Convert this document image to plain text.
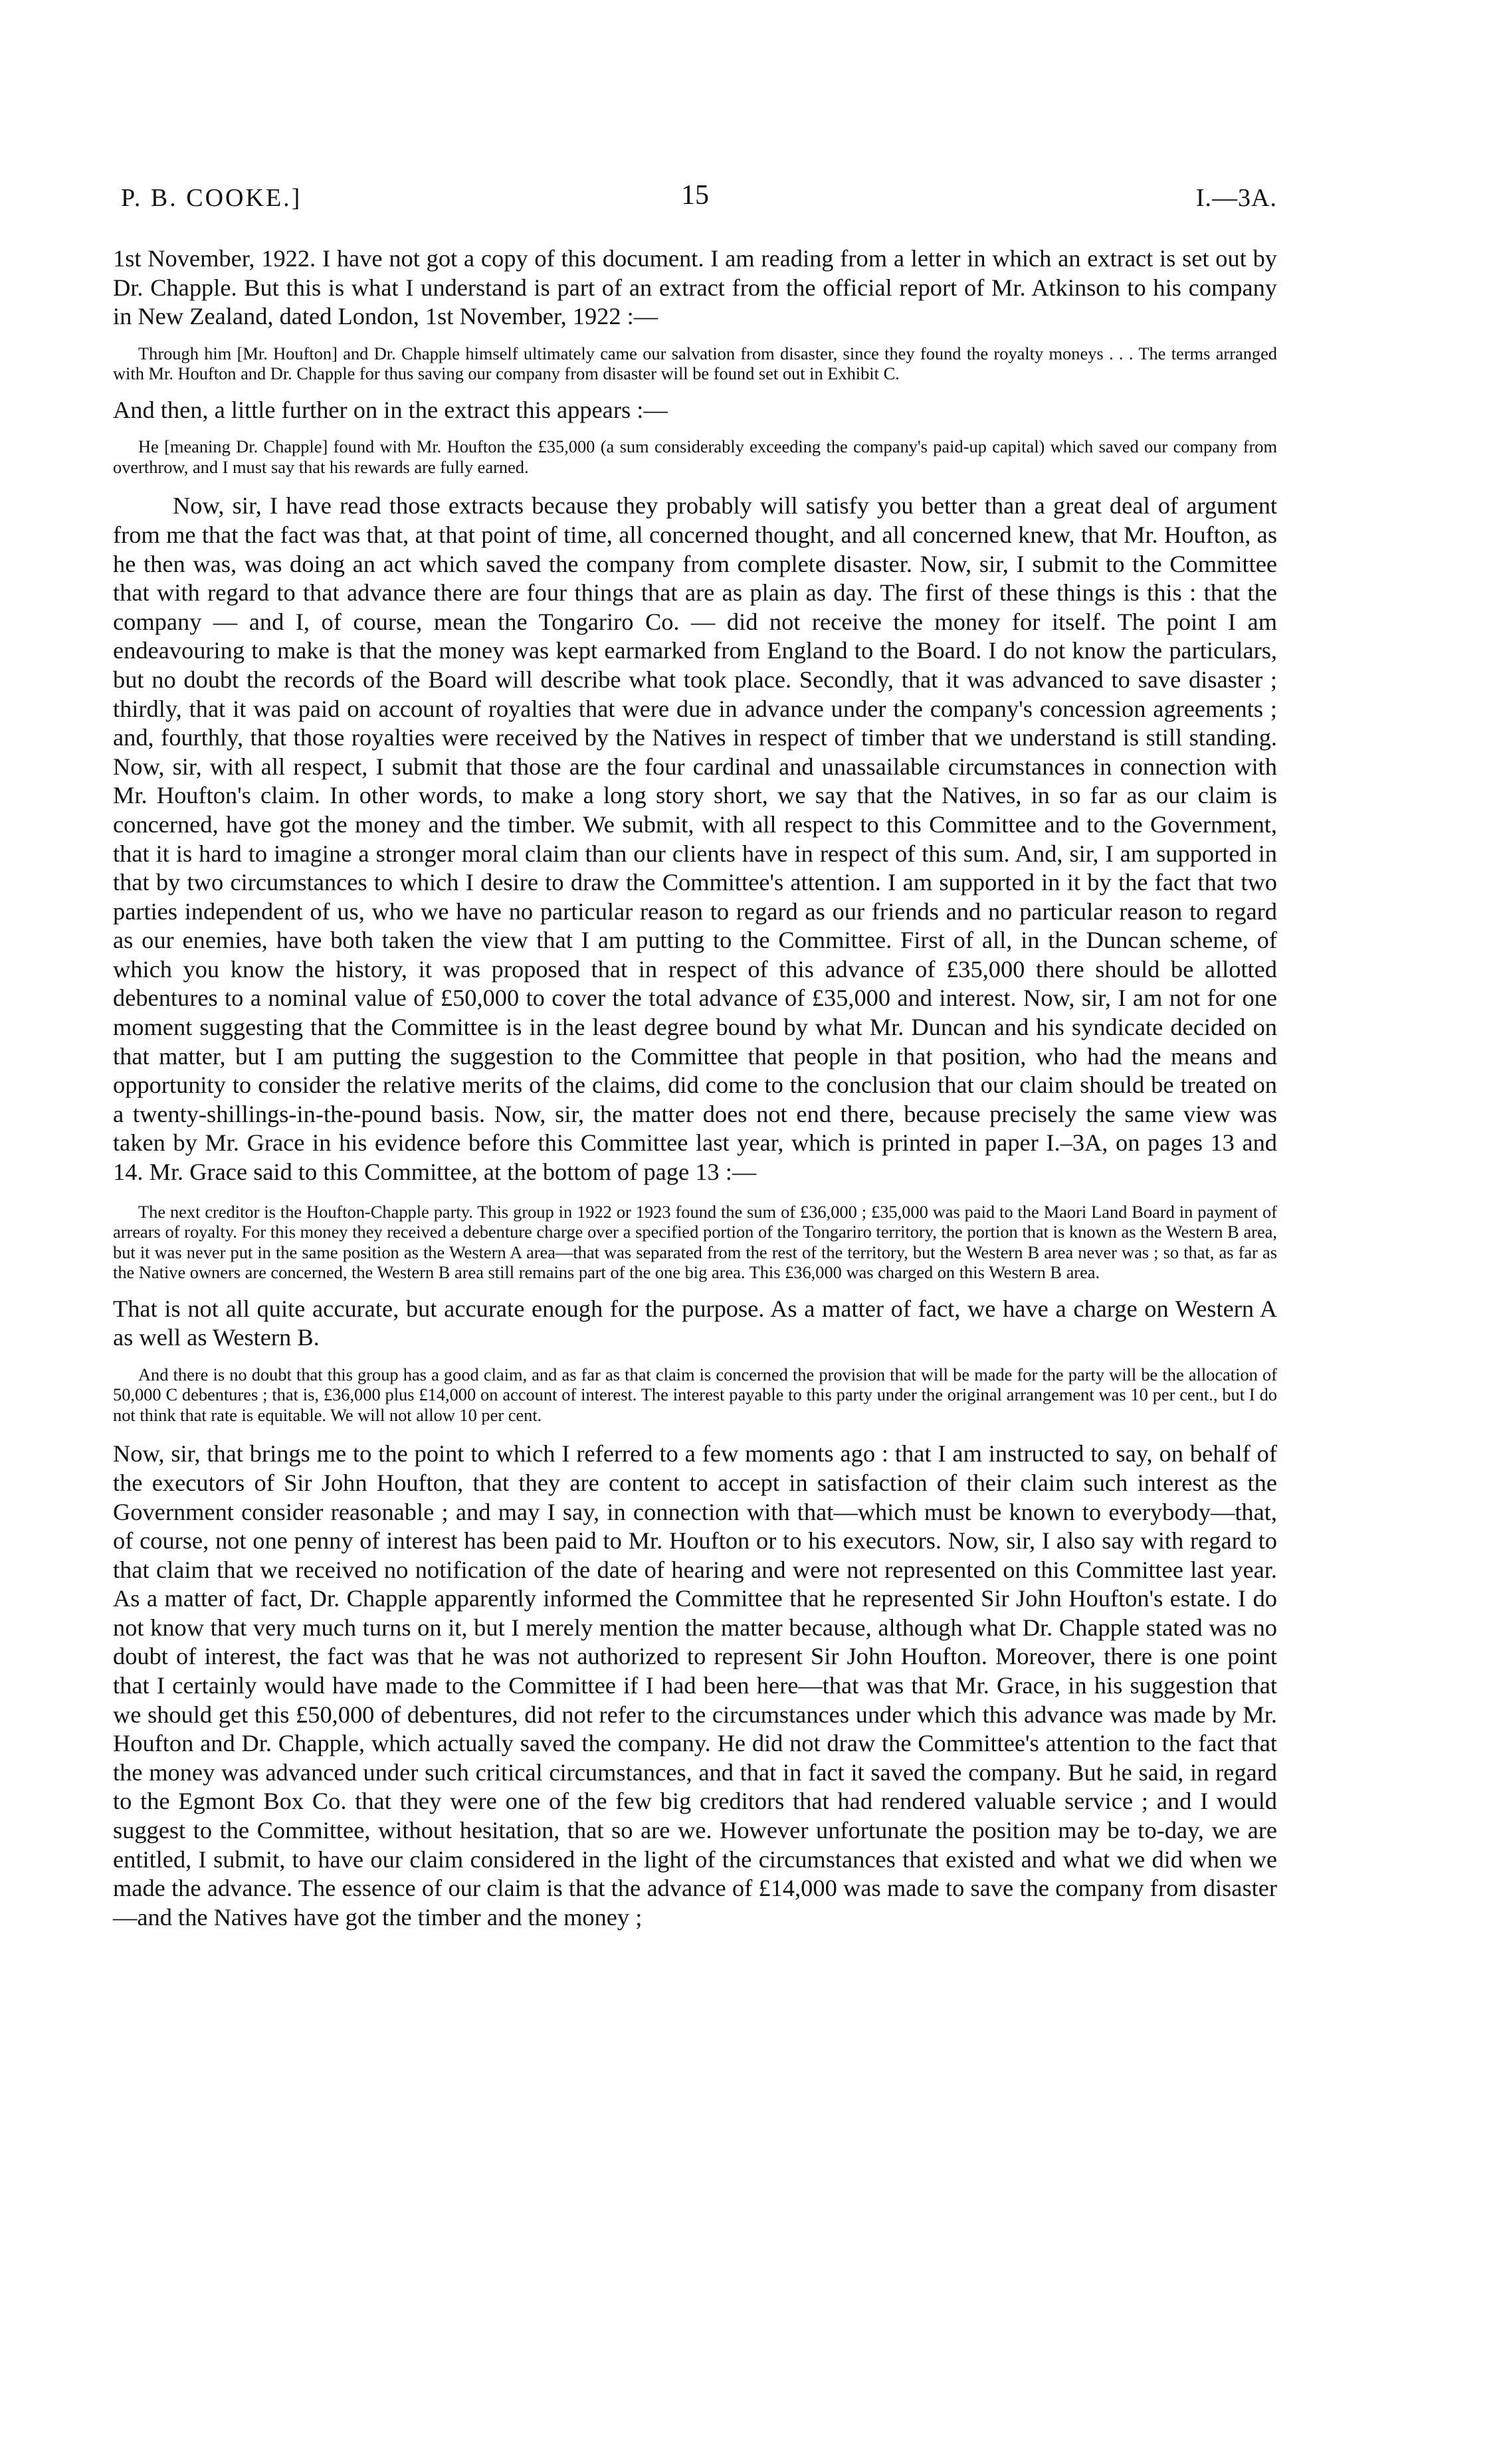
P. B. COOKE.]	15	I.—3A.

1st November, 1922. I have not got a copy of this document. I am reading from a letter in which an extract is set out by Dr. Chapple. But this is what I understand is part of an extract from the official report of Mr. Atkinson to his company in New Zealand, dated London, 1st November, 1922 :—

Through him [Mr. Houfton] and Dr. Chapple himself ultimately came our salvation from disaster, since they found the royalty moneys . . . The terms arranged with Mr. Houfton and Dr. Chapple for thus saving our company from disaster will be found set out in Exhibit C.

And then, a little further on in the extract this appears :—

He [meaning Dr. Chapple] found with Mr. Houfton the £35,000 (a sum considerably exceeding the company's paid-up capital) which saved our company from overthrow, and I must say that his rewards are fully earned.

Now, sir, I have read those extracts because they probably will satisfy you better than a great deal of argument from me that the fact was that, at that point of time, all concerned thought, and all concerned knew, that Mr. Houfton, as he then was, was doing an act which saved the company from complete disaster. Now, sir, I submit to the Committee that with regard to that advance there are four things that are as plain as day. The first of these things is this : that the company — and I, of course, mean the Tongariro Co. — did not receive the money for itself. The point I am endeavouring to make is that the money was kept earmarked from England to the Board. I do not know the particulars, but no doubt the records of the Board will describe what took place. Secondly, that it was advanced to save disaster ; thirdly, that it was paid on account of royalties that were due in advance under the company's concession agreements ; and, fourthly, that those royalties were received by the Natives in respect of timber that we understand is still standing. Now, sir, with all respect, I submit that those are the four cardinal and unassailable circumstances in connection with Mr. Houfton's claim. In other words, to make a long story short, we say that the Natives, in so far as our claim is concerned, have got the money and the timber. We submit, with all respect to this Committee and to the Government, that it is hard to imagine a stronger moral claim than our clients have in respect of this sum. And, sir, I am supported in that by two circumstances to which I desire to draw the Committee's attention. I am supported in it by the fact that two parties independent of us, who we have no particular reason to regard as our friends and no particular reason to regard as our enemies, have both taken the view that I am putting to the Committee. First of all, in the Duncan scheme, of which you know the history, it was proposed that in respect of this advance of £35,000 there should be allotted debentures to a nominal value of £50,000 to cover the total advance of £35,000 and interest. Now, sir, I am not for one moment suggesting that the Committee is in the least degree bound by what Mr. Duncan and his syndicate decided on that matter, but I am putting the suggestion to the Committee that people in that position, who had the means and opportunity to consider the relative merits of the claims, did come to the conclusion that our claim should be treated on a twenty-shillings-in-the-pound basis. Now, sir, the matter does not end there, because precisely the same view was taken by Mr. Grace in his evidence before this Committee last year, which is printed in paper I.–3A, on pages 13 and 14. Mr. Grace said to this Committee, at the bottom of page 13 :—

The next creditor is the Houfton-Chapple party. This group in 1922 or 1923 found the sum of £36,000 ; £35,000 was paid to the Maori Land Board in payment of arrears of royalty. For this money they received a debenture charge over a specified portion of the Tongariro territory, the portion that is known as the Western B area, but it was never put in the same position as the Western A area—that was separated from the rest of the territory, but the Western B area never was ; so that, as far as the Native owners are concerned, the Western B area still remains part of the one big area. This £36,000 was charged on this Western B area.

That is not all quite accurate, but accurate enough for the purpose. As a matter of fact, we have a charge on Western A as well as Western B.

And there is no doubt that this group has a good claim, and as far as that claim is concerned the provision that will be made for the party will be the allocation of 50,000 C debentures ; that is, £36,000 plus £14,000 on account of interest. The interest payable to this party under the original arrangement was 10 per cent., but I do not think that rate is equitable. We will not allow 10 per cent.

Now, sir, that brings me to the point to which I referred to a few moments ago : that I am instructed to say, on behalf of the executors of Sir John Houfton, that they are content to accept in satisfaction of their claim such interest as the Government consider reasonable ; and may I say, in connection with that—which must be known to everybody—that, of course, not one penny of interest has been paid to Mr. Houfton or to his executors. Now, sir, I also say with regard to that claim that we received no notification of the date of hearing and were not represented on this Committee last year. As a matter of fact, Dr. Chapple apparently informed the Committee that he represented Sir John Houfton's estate. I do not know that very much turns on it, but I merely mention the matter because, although what Dr. Chapple stated was no doubt of interest, the fact was that he was not authorized to represent Sir John Houfton. Moreover, there is one point that I certainly would have made to the Committee if I had been here—that was that Mr. Grace, in his suggestion that we should get this £50,000 of debentures, did not refer to the circumstances under which this advance was made by Mr. Houfton and Dr. Chapple, which actually saved the company. He did not draw the Committee's attention to the fact that the money was advanced under such critical circumstances, and that in fact it saved the company. But he said, in regard to the Egmont Box Co. that they were one of the few big creditors that had rendered valuable service ; and I would suggest to the Committee, without hesitation, that so are we. However unfortunate the position may be to-day, we are entitled, I submit, to have our claim considered in the light of the circumstances that existed and what we did when we made the advance. The essence of our claim is that the advance of £14,000 was made to save the company from disaster—and the Natives have got the timber and the money ;
